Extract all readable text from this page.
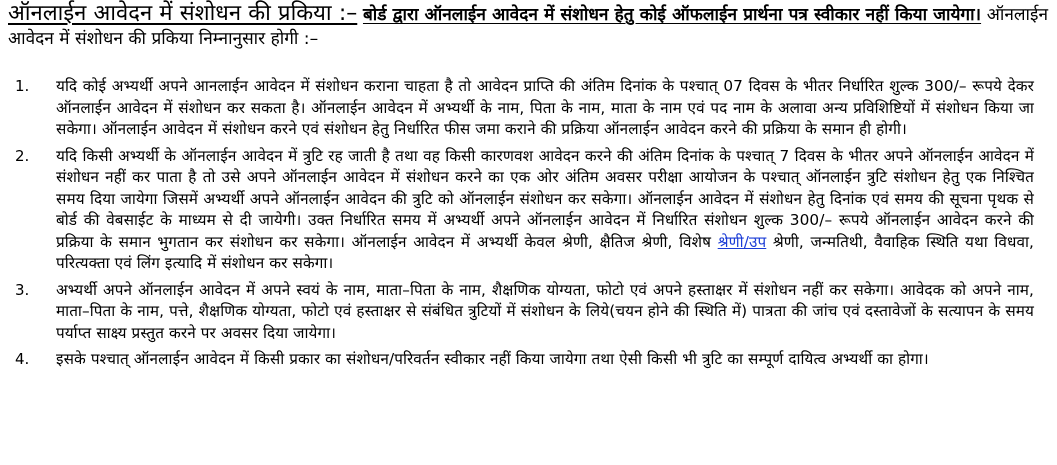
ऑनलाईन आवेदन में संशोधन की प्रकिया :– बोर्ड द्वारा ऑनलाईन आवेदन में संशोधन हेतु कोई ऑफलाईन प्रार्थना पत्र स्वीकार नहीं किया जायेगा। ऑनलाईन आवेदन में संशोधन की प्रकिया निम्नानुसार होगी :–
1.	यदि कोई अभ्यर्थी अपने आनलाईन आवेदन में संशोधन कराना चाहता है तो आवेदन प्राप्ति की अंतिम दिनांक के पश्चात् 07 दिवस के भीतर निर्धारित शुल्क 300/– रूपये देकर ऑनलाईन आवेदन में संशोधन कर सकता है। ऑनलाईन आवेदन में अभ्यर्थी के नाम, पिता के नाम, माता के नाम एवं पद नाम के अलावा अन्य प्रविशिष्टियों में संशोधन किया जा सकेगा। ऑनलाईन आवेदन में संशोधन करने एवं संशोधन हेतु निर्धारित फीस जमा कराने की प्रक्रिया ऑनलाईन आवेदन करने की प्रक्रिया के समान ही होगी।
2.	यदि किसी अभ्यर्थी के ऑनलाईन आवेदन में त्रुटि रह जाती है तथा वह किसी कारणवश आवेदन करने की अंतिम दिनांक के पश्चात् 7 दिवस के भीतर अपने ऑनलाईन आवेदन में संशोधन नहीं कर पाता है तो उसे अपने ऑनलाईन आवेदन में संशोधन करने का एक ओर अंतिम अवसर परीक्षा आयोजन के पश्चात् ऑनलाईन त्रुटि संशोधन हेतु एक निश्चित समय दिया जायेगा जिसमें अभ्यर्थी अपने ऑनलाईन आवेदन की त्रुटि को ऑनलाईन संशोधन कर सकेगा। ऑनलाईन आवेदन में संशोधन हेतु दिनांक एवं समय की सूचना पृथक से बोर्ड की वेबसाईट के माध्यम से दी जायेगी। उक्त निर्धारित समय में अभ्यर्थी अपने ऑनलाईन आवेदन में निर्धारित संशोधन शुल्क 300/– रूपये ऑनलाईन आवेदन करने की प्रक्रिया के समान भुगतान कर संशोधन कर सकेगा। ऑनलाईन आवेदन में अभ्यर्थी केवल श्रेणी, क्षैतिज श्रेणी, विशेष श्रेणी/उप श्रेणी, जन्मतिथी, वैवाहिक स्थिति यथा विधवा, परित्यक्ता एवं लिंग इत्यादि में संशोधन कर सकेगा।
3.	अभ्यर्थी अपने ऑनलाईन आवेदन में अपने स्वयं के नाम, माता–पिता के नाम, शैक्षणिक योग्यता, फोटो एवं अपने हस्ताक्षर में संशोधन नहीं कर सकेगा। आवेदक को अपने नाम, माता–पिता के नाम, पत्ते, शैक्षणिक योग्यता, फोटो एवं हस्ताक्षर से संबंधित त्रुटियों में संशोधन के लिये(चयन होने की स्थिति में) पात्रता की जांच एवं दस्तावेजों के सत्यापन के समय पर्याप्त साक्ष्य प्रस्तुत करने पर अवसर दिया जायेगा।
4.	इसके पश्चात् ऑनलाईन आवेदन में किसी प्रकार का संशोधन/परिवर्तन स्वीकार नहीं किया जायेगा तथा ऐसी किसी भी त्रुटि का सम्पूर्ण दायित्व अभ्यर्थी का होगा।
